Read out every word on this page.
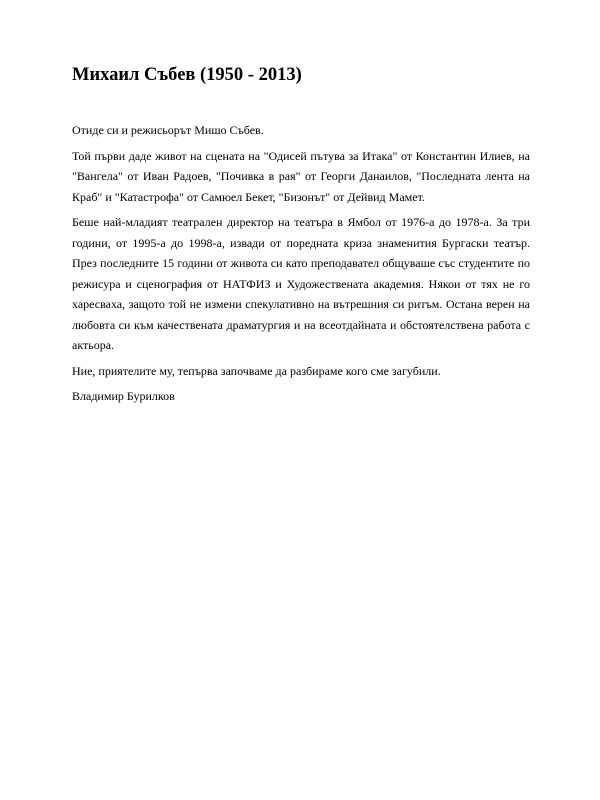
Михаил Събев (1950 - 2013)

Отиде си и режисьорът Мишо Събев.

Той първи даде живот на сцената на "Одисей пътува за Итака" от Константин Илиев, на "Вангела" от Иван Радоев, "Почивка в рая" от Георги Данаилов, "Последната лента на Краб" и "Катастрофа" от Самюел Бекет, "Бизонът" от Дейвид Мамет.

Беше най-младият театрален директор на театъра в Ямбол от 1976-а до 1978-а. За три години, от 1995-а до 1998-а, извади от поредната криза знаменития Бургаски театър. През последните 15 години от живота си като преподавател общуваше със студентите по режисура и сценография от НАТФИЗ и Художествената академия. Някои от тях не го харесваха, защото той не измени спекулативно на вътрешния си ритъм. Остана верен на любовта си към качествената драматургия и на всеотдайната и обстоятелствена работа с актьора.

Ние, приятелите му, тепърва започваме да разбираме кого сме загубили.

Владимир Бурилков
